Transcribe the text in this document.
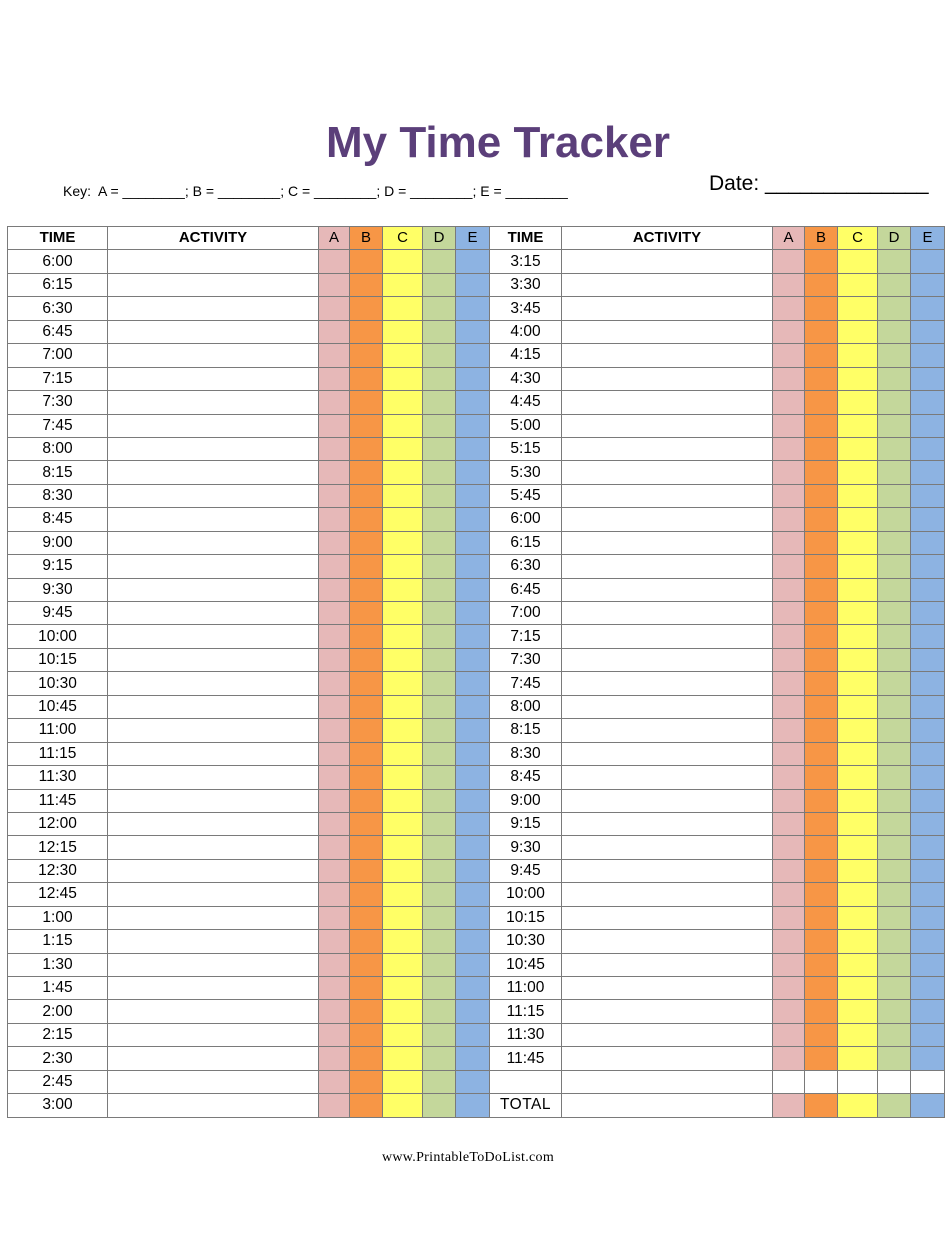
My Time Tracker
Key:  A = ________; B = ________; C = ________; D = ________; E = ________	Date: ______________
TIME	ACTIVITY	A	B	C	D	E	TIME	ACTIVITY	A	B	C	D	E
6:00							3:15						
6:15							3:30						
6:30							3:45						
6:45							4:00						
7:00							4:15						
7:15							4:30						
7:30							4:45						
7:45							5:00						
8:00							5:15						
8:15							5:30						
8:30							5:45						
8:45							6:00						
9:00							6:15						
9:15							6:30						
9:30							6:45						
9:45							7:00						
10:00							7:15						
10:15							7:30						
10:30							7:45						
10:45							8:00						
11:00							8:15						
11:15							8:30						
11:30							8:45						
11:45							9:00						
12:00							9:15						
12:15							9:30						
12:30							9:45						
12:45							10:00						
1:00							10:15						
1:15							10:30						
1:30							10:45						
1:45							11:00						
2:00							11:15						
2:15							11:30						
2:30							11:45						
2:45													
3:00							TOTAL						
www.PrintableToDoList.com
